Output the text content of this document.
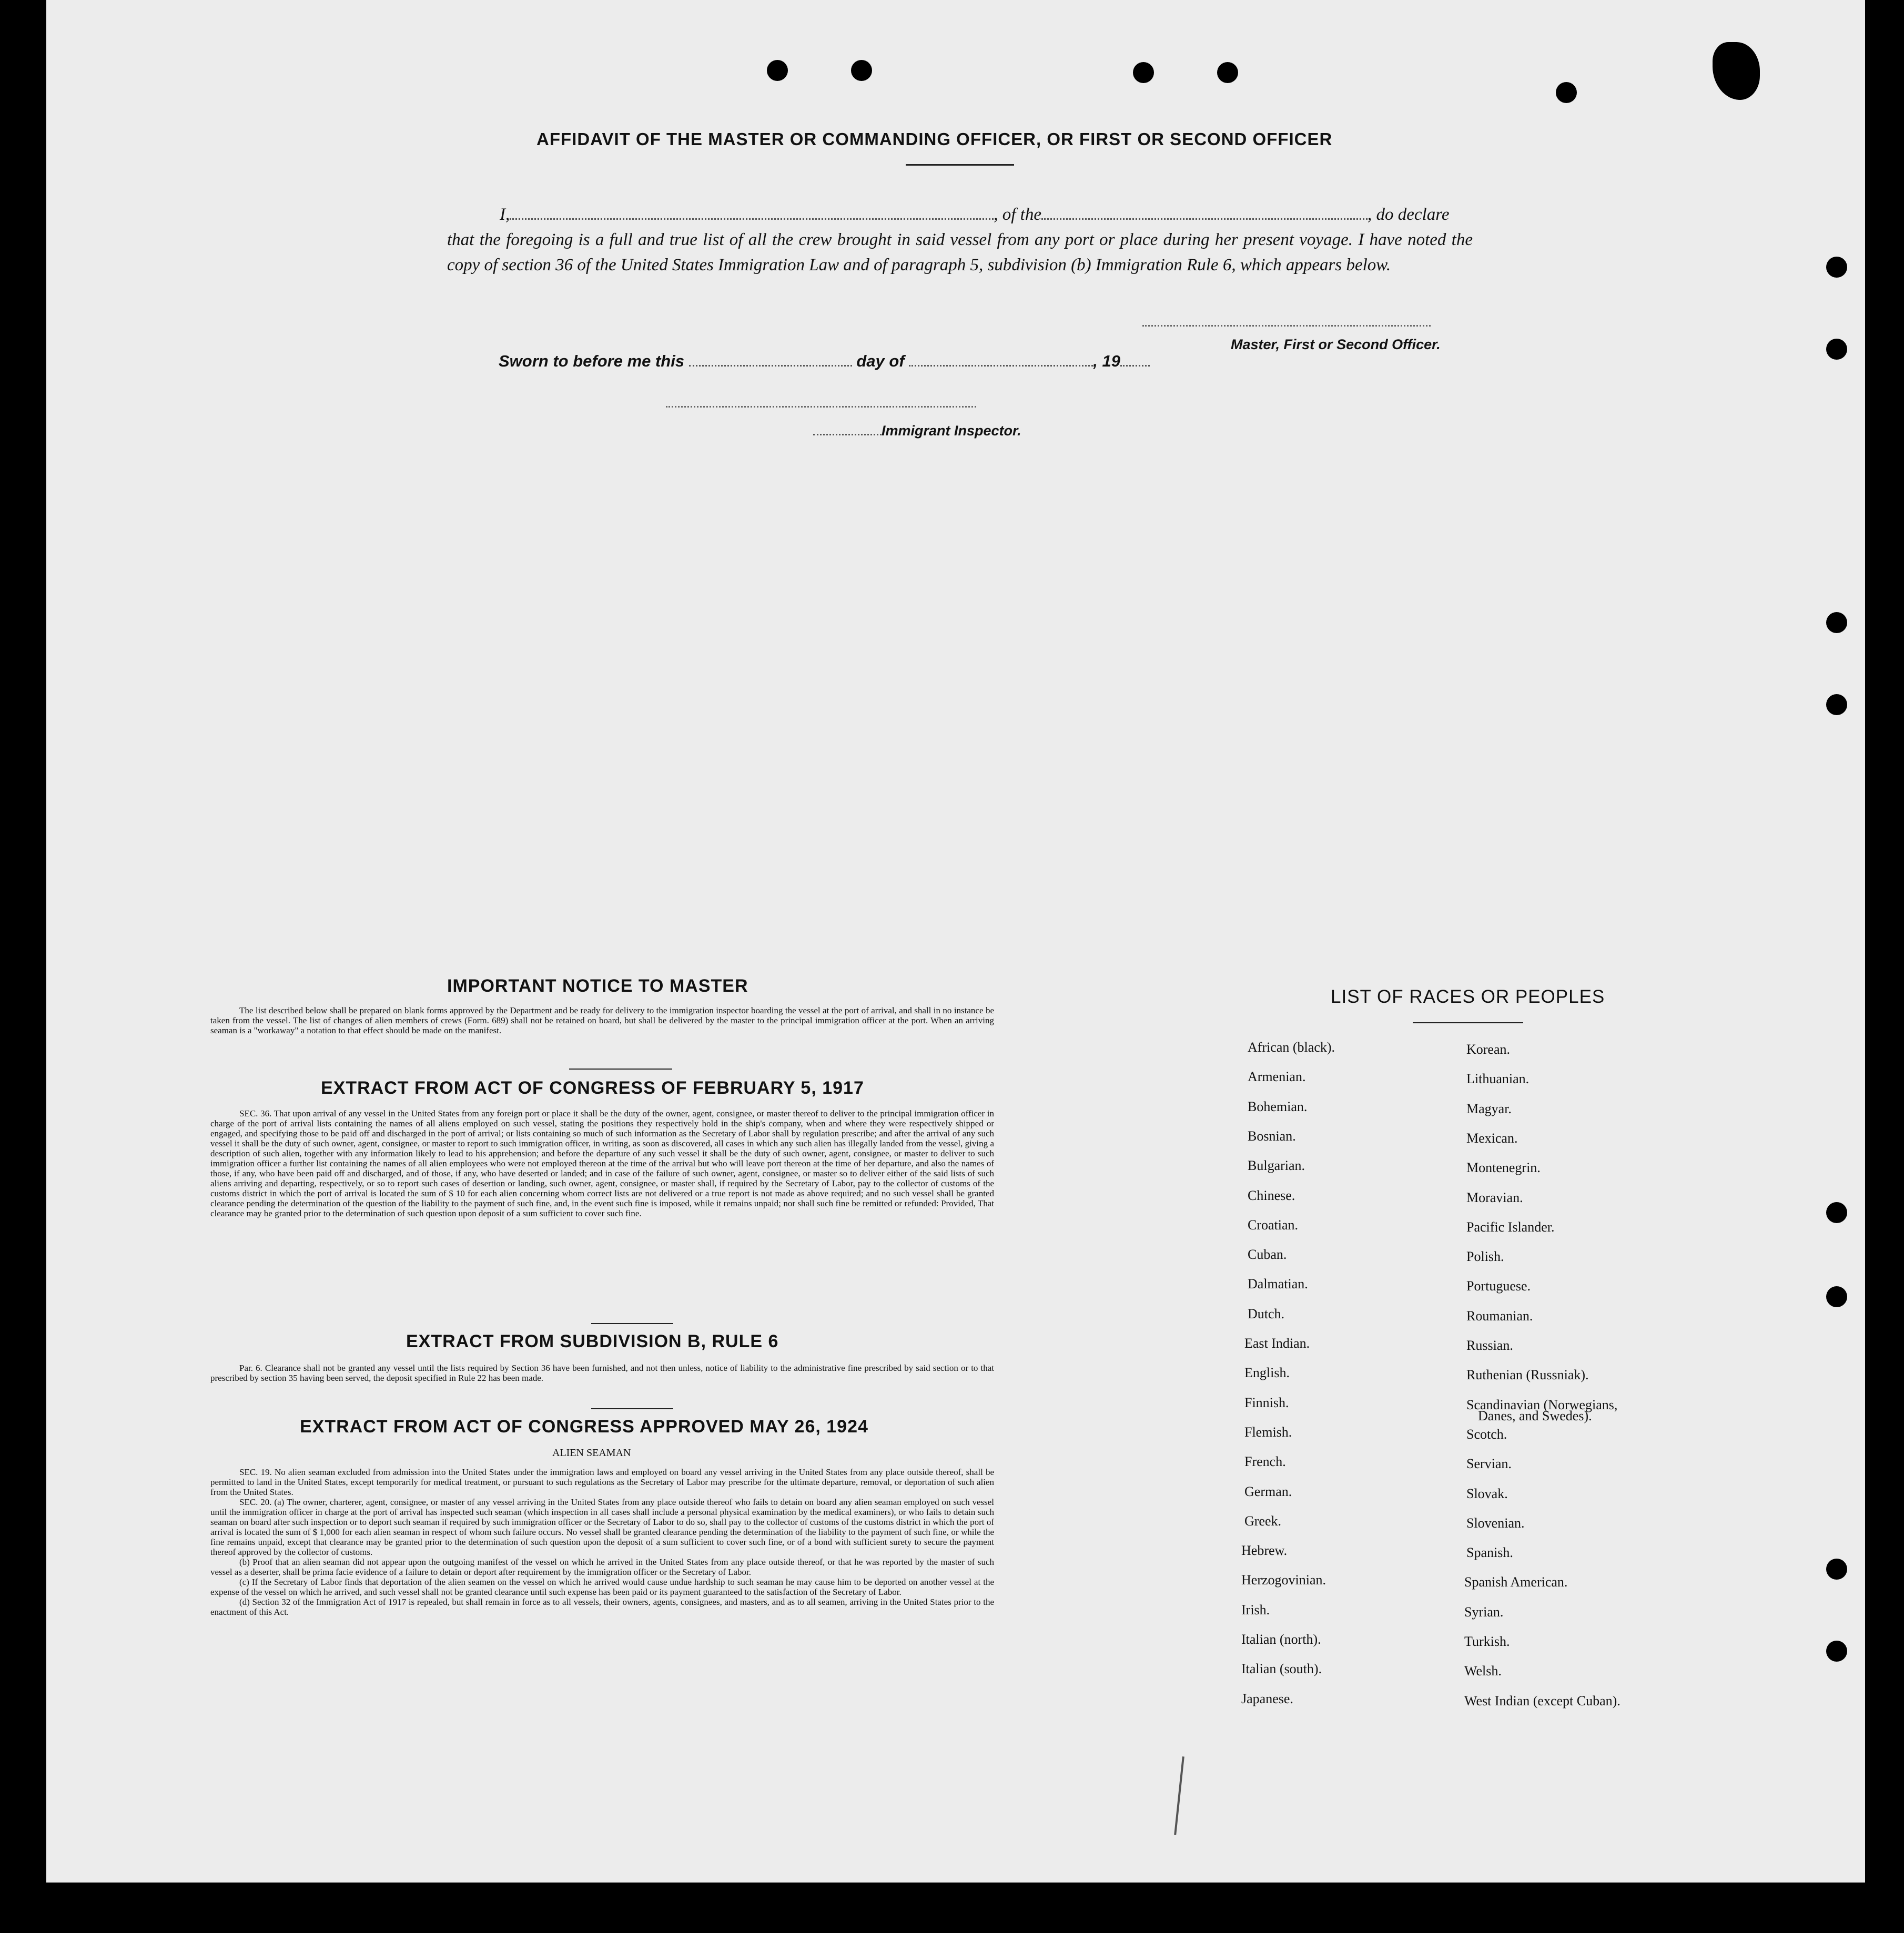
AFFIDAVIT OF THE MASTER OR COMMANDING OFFICER, OR FIRST OR SECOND OFFICER
I,	, of the	, do declare
that the foregoing is a full and true list of all the crew brought in said vessel from any port or place during her present voyage. I have noted the copy of section 36 of the United States Immigration Law and of paragraph 5, subdivision (b) Immigration Rule 6, which appears below.
Master, First or Second Officer.
Sworn to before me this	day of	, 19
Immigrant Inspector.
IMPORTANT NOTICE TO MASTER

The list described below shall be prepared on blank forms approved by the Department and be ready for delivery to the immigration inspector boarding the vessel at the port of arrival, and shall in no instance be taken from the vessel. The list of changes of alien members of crews (Form. 689) shall not be retained on board, but shall be delivered by the master to the principal immigration officer at the port. When an arriving seaman is a "workaway" a notation to that effect should be made on the manifest.

EXTRACT FROM ACT OF CONGRESS OF FEBRUARY 5, 1917

SEC. 36. That upon arrival of any vessel in the United States from any foreign port or place it shall be the duty of the owner, agent, consignee, or master thereof to deliver to the principal immigration officer in charge of the port of arrival lists containing the names of all aliens employed on such vessel, stating the positions they respectively hold in the ship's company, when and where they were respectively shipped or engaged, and specifying those to be paid off and discharged in the port of arrival; or lists containing so much of such information as the Secretary of Labor shall by regulation prescribe; and after the arrival of any such vessel it shall be the duty of such owner, agent, consignee, or master to report to such immigration officer, in writing, as soon as discovered, all cases in which any such alien has illegally landed from the vessel, giving a description of such alien, together with any information likely to lead to his apprehension; and before the departure of any such vessel it shall be the duty of such owner, agent, consignee, or master to deliver to such immigration officer a further list containing the names of all alien employees who were not employed thereon at the time of the arrival but who will leave port thereon at the time of her departure, and also the names of those, if any, who have been paid off and discharged, and of those, if any, who have deserted or landed; and in case of the failure of such owner, agent, consignee, or master so to deliver either of the said lists of such aliens arriving and departing, respectively, or so to report such cases of desertion or landing, such owner, agent, consignee, or master shall, if required by the Secretary of Labor, pay to the collector of customs of the customs district in which the port of arrival is located the sum of $ 10 for each alien concerning whom correct lists are not delivered or a true report is not made as above required; and no such vessel shall be granted clearance pending the determination of the question of the liability to the payment of such fine, and, in the event such fine is imposed, while it remains unpaid; nor shall such fine be remitted or refunded: Provided, That clearance may be granted prior to the determination of such question upon deposit of a sum sufficient to cover such fine.

EXTRACT FROM SUBDIVISION B, RULE 6

Par. 6. Clearance shall not be granted any vessel until the lists required by Section 36 have been furnished, and not then unless, notice of liability to the administrative fine prescribed by said section or to that prescribed by section 35 having been served, the deposit specified in Rule 22 has been made.

EXTRACT FROM ACT OF CONGRESS APPROVED MAY 26, 1924
ALIEN SEAMAN

SEC. 19. No alien seaman excluded from admission into the United States under the immigration laws and employed on board any vessel arriving in the United States from any place outside thereof, shall be permitted to land in the United States, except temporarily for medical treatment, or pursuant to such regulations as the Secretary of Labor may prescribe for the ultimate departure, removal, or deportation of such alien from the United States.

SEC. 20. (a) The owner, charterer, agent, consignee, or master of any vessel arriving in the United States from any place outside thereof who fails to detain on board any alien seaman employed on such vessel until the immigration officer in charge at the port of arrival has inspected such seaman (which inspection in all cases shall include a personal physical examination by the medical examiners), or who fails to detain such seaman on board after such inspection or to deport such seaman if required by such immigration officer or the Secretary of Labor to do so, shall pay to the collector of customs of the customs district in which the port of arrival is located the sum of $ 1,000 for each alien seaman in respect of whom such failure occurs. No vessel shall be granted clearance pending the determination of the liability to the payment of such fine, or while the fine remains unpaid, except that clearance may be granted prior to the determination of such question upon the deposit of a sum sufficient to cover such fine, or of a bond with sufficient surety to secure the payment thereof approved by the collector of customs.

(b) Proof that an alien seaman did not appear upon the outgoing manifest of the vessel on which he arrived in the United States from any place outside thereof, or that he was reported by the master of such vessel as a deserter, shall be prima facie evidence of a failure to detain or deport after requirement by the immigration officer or the Secretary of Labor.

(c) If the Secretary of Labor finds that deportation of the alien seamen on the vessel on which he arrived would cause undue hardship to such seaman he may cause him to be deported on another vessel at the expense of the vessel on which he arrived, and such vessel shall not be granted clearance until such expense has been paid or its payment guaranteed to the satisfaction of the Secretary of Labor.

(d) Section 32 of the Immigration Act of 1917 is repealed, but shall remain in force as to all vessels, their owners, agents, consignees, and masters, and as to all seamen, arriving in the United States prior to the enactment of this Act.

LIST OF RACES OR PEOPLES
African (black).
Armenian.
Bohemian.
Bosnian.
Bulgarian.
Chinese.
Croatian.
Cuban.
Dalmatian.
Dutch.
East Indian.
English.
Finnish.
Flemish.
French.
German.
Greek.
Hebrew.
Herzogovinian.
Irish.
Italian (north).
Italian (south).
Japanese.
Korean.
Lithuanian.
Magyar.
Mexican.
Montenegrin.
Moravian.
Pacific Islander.
Polish.
Portuguese.
Roumanian.
Russian.
Ruthenian (Russniak).
Scandinavian (Norwegians,
Scotch.
Servian.
Slovak.
Slovenian.
Spanish.
Spanish American.
Syrian.
Turkish.
Welsh.
West Indian (except Cuban).
Danes, and Swedes).
